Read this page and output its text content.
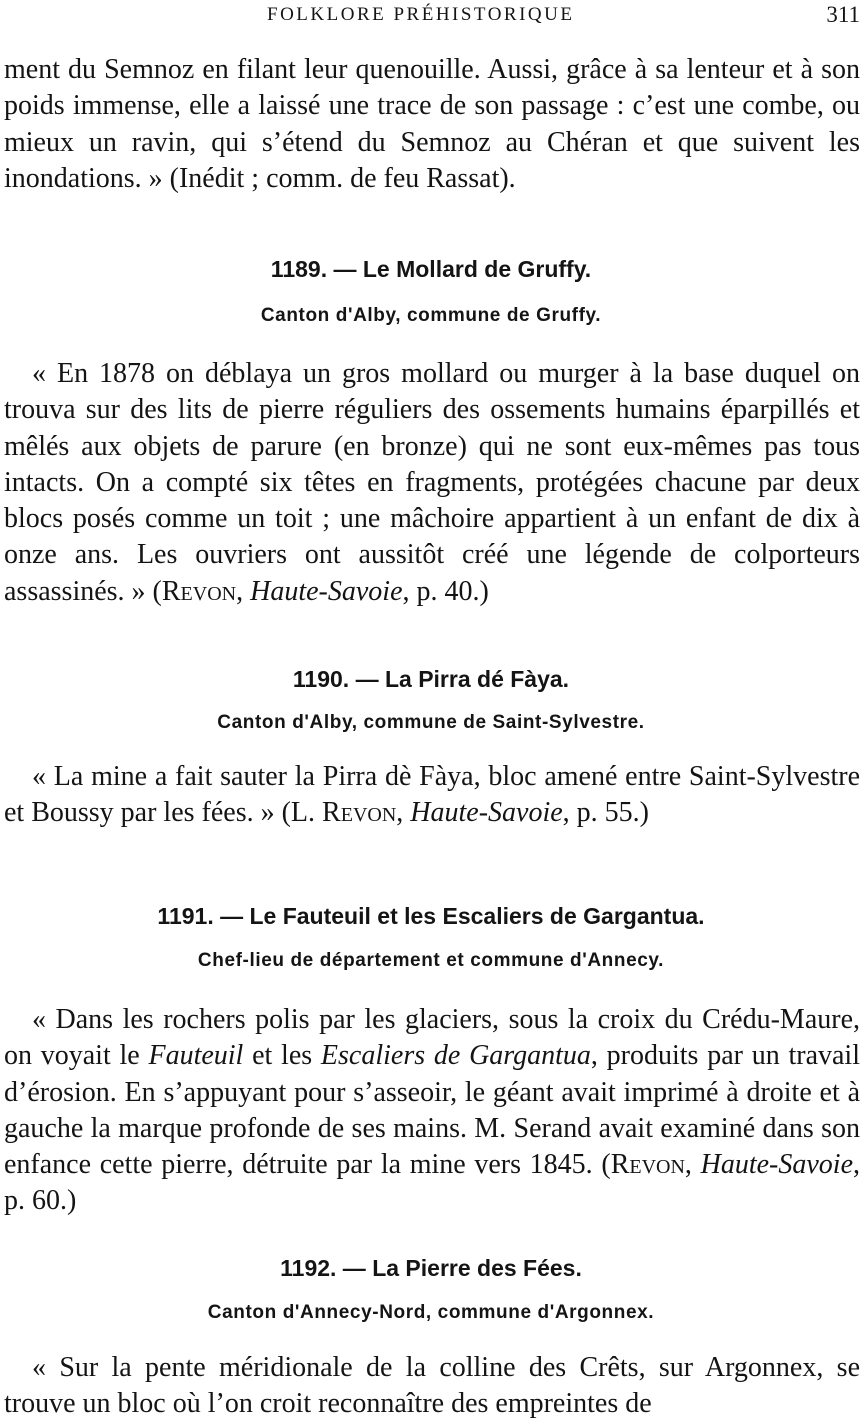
FOLKLORE PRÉHISTORIQUE	311

ment du Semnoz en filant leur quenouille. Aussi, grâce à sa lenteur et à son poids immense, elle a laissé une trace de son passage : c’est une combe, ou mieux un ravin, qui s’étend du Semnoz au Chéran et que suivent les inondations. » (Inédit ; comm. de feu Rassat).

1189. — Le Mollard de Gruffy.
Canton d'Alby, commune de Gruffy.

« En 1878 on déblaya un gros mollard ou murger à la base duquel on trouva sur des lits de pierre réguliers des ossements humains éparpillés et mêlés aux objets de parure (en bronze) qui ne sont eux-mêmes pas tous intacts. On a compté six têtes en fragments, protégées chacune par deux blocs posés comme un toit ; une mâchoire appartient à un enfant de dix à onze ans. Les ouvriers ont aussitôt créé une légende de colporteurs assassinés. » (Revon, Haute-Savoie, p. 40.)

1190. — La Pirra dé Fàya.
Canton d'Alby, commune de Saint-Sylvestre.

« La mine a fait sauter la Pirra dè Fàya, bloc amené entre Saint-Sylvestre et Boussy par les fées. » (L. Revon, Haute-Savoie, p. 55.)

1191. — Le Fauteuil et les Escaliers de Gargantua.
Chef-lieu de département et commune d'Annecy.

« Dans les rochers polis par les glaciers, sous la croix du Crédu-Maure, on voyait le Fauteuil et les Escaliers de Gargantua, produits par un travail d’érosion. En s’appuyant pour s’asseoir, le géant avait imprimé à droite et à gauche la marque profonde de ses mains. M. Serand avait examiné dans son enfance cette pierre, détruite par la mine vers 1845. (Revon, Haute-Savoie, p. 60.)

1192. — La Pierre des Fées.
Canton d'Annecy-Nord, commune d'Argonnex.

« Sur la pente méridionale de la colline des Crêts, sur Argonnex, se trouve un bloc où l’on croit reconnaître des empreintes de
